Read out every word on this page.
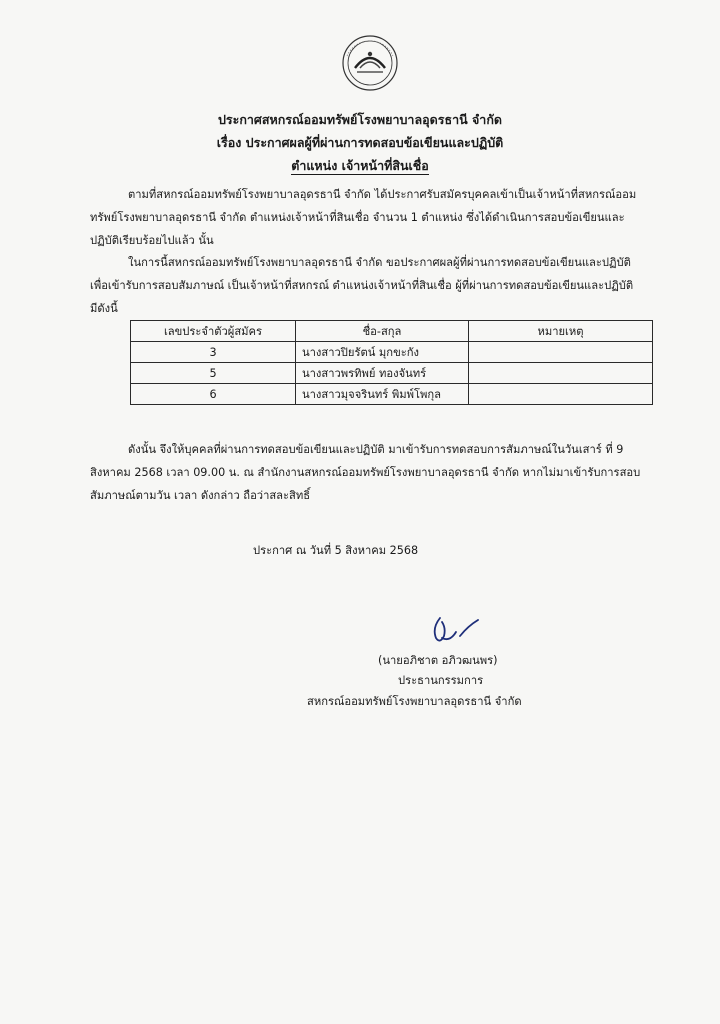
ประกาศสหกรณ์ออมทรัพย์โรงพยาบาลอุดรธานี จำกัด
เรื่อง ประกาศผลผู้ที่ผ่านการทดสอบข้อเขียนและปฏิบัติ
ตำแหน่ง เจ้าหน้าที่สินเชื่อ
ตามที่สหกรณ์ออมทรัพย์โรงพยาบาลอุดรธานี จำกัด ได้ประกาศรับสมัครบุคคลเข้าเป็นเจ้าหน้าที่สหกรณ์ออม
ทรัพย์โรงพยาบาลอุดรธานี จำกัด ตำแหน่งเจ้าหน้าที่สินเชื่อ จำนวน 1 ตำแหน่ง ซึ่งได้ดำเนินการสอบข้อเขียนและ
ปฏิบัติเรียบร้อยไปแล้ว นั้น
ในการนี้สหกรณ์ออมทรัพย์โรงพยาบาลอุดรธานี จำกัด ขอประกาศผลผู้ที่ผ่านการทดสอบข้อเขียนและปฏิบัติ
เพื่อเข้ารับการสอบสัมภาษณ์ เป็นเจ้าหน้าที่สหกรณ์ ตำแหน่งเจ้าหน้าที่สินเชื่อ ผู้ที่ผ่านการทดสอบข้อเขียนและปฏิบัติ
มีดังนี้
เลขประจำตัวผู้สมัคร	ชื่อ-สกุล	หมายเหตุ
3	นางสาวปิยรัตน์ มุกขะกัง	
5	นางสาวพรทิพย์ ทองจันทร์	
6	นางสาวมุจจรินทร์ พิมพ์โพกุล	
ดังนั้น จึงให้บุคคลที่ผ่านการทดสอบข้อเขียนและปฏิบัติ มาเข้ารับการทดสอบการสัมภาษณ์ในวันเสาร์ ที่ 9
สิงหาคม 2568 เวลา 09.00 น. ณ สำนักงานสหกรณ์ออมทรัพย์โรงพยาบาลอุดรธานี จำกัด หากไม่มาเข้ารับการสอบ
สัมภาษณ์ตามวัน เวลา ดังกล่าว ถือว่าสละสิทธิ์
ประกาศ ณ วันที่ 5 สิงหาคม 2568
(นายอภิชาต อภิวฒนพร)
ประธานกรรมการ
สหกรณ์ออมทรัพย์โรงพยาบาลอุดรธานี จำกัด
